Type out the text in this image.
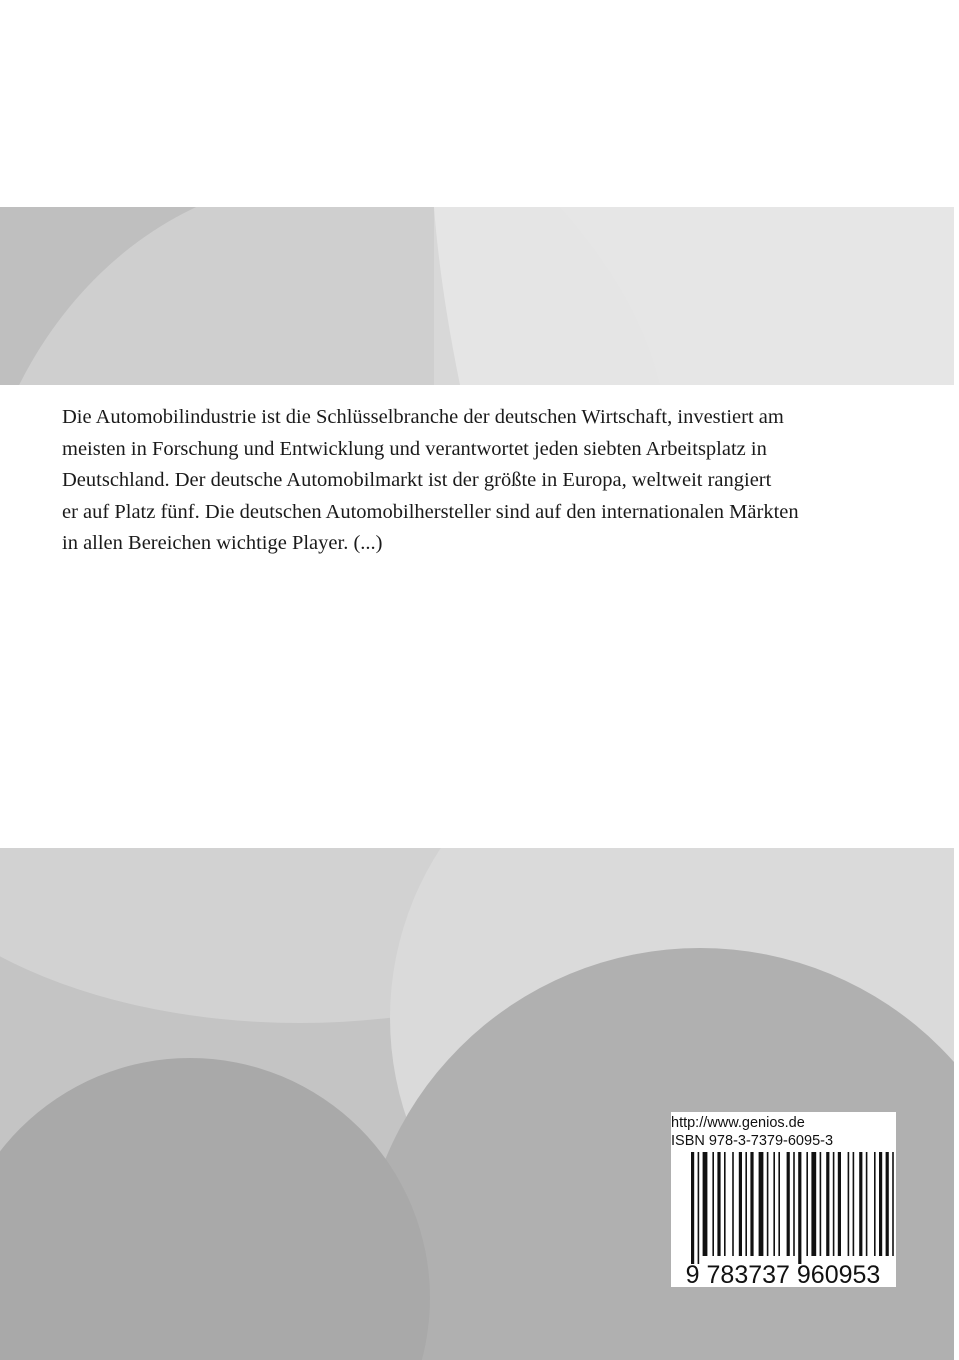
Die Automobilindustrie ist die Schlüsselbranche der deutschen Wirtschaft, investiert am
meisten in Forschung und Entwicklung und verantwortet jeden siebten Arbeitsplatz in
Deutschland. Der deutsche Automobilmarkt ist der größte in Europa, weltweit rangiert
er auf Platz fünf. Die deutschen Automobilhersteller sind auf den internationalen Märkten
in allen Bereichen wichtige Player. (...)

http://www.genios.de

ISBN 978-3-7379-6095-3

9 783737 960953
